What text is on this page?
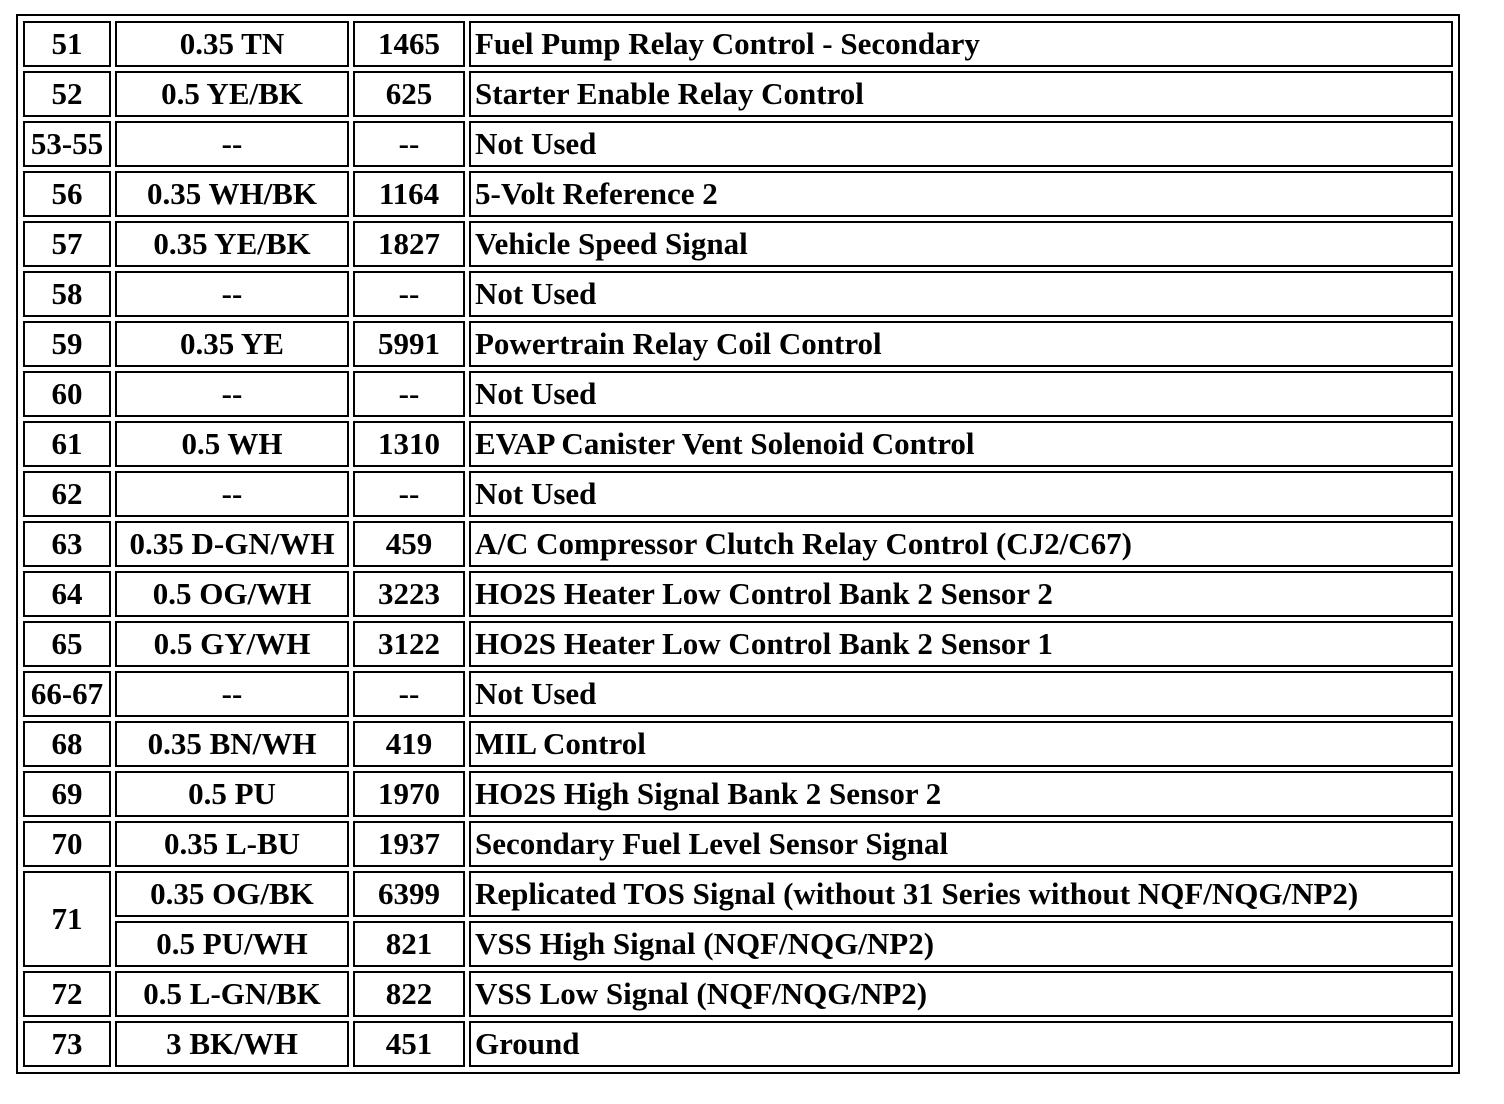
51	0.35 TN	1465	Fuel Pump Relay Control - Secondary
52	0.5 YE/BK	625	Starter Enable Relay Control
53-55	--	--	Not Used
56	0.35 WH/BK	1164	5-Volt Reference 2
57	0.35 YE/BK	1827	Vehicle Speed Signal
58	--	--	Not Used
59	0.35 YE	5991	Powertrain Relay Coil Control
60	--	--	Not Used
61	0.5 WH	1310	EVAP Canister Vent Solenoid Control
62	--	--	Not Used
63	0.35 D-GN/WH	459	A/C Compressor Clutch Relay Control (CJ2/C67)
64	0.5 OG/WH	3223	HO2S Heater Low Control Bank 2 Sensor 2
65	0.5 GY/WH	3122	HO2S Heater Low Control Bank 2 Sensor 1
66-67	--	--	Not Used
68	0.35 BN/WH	419	MIL Control
69	0.5 PU	1970	HO2S High Signal Bank 2 Sensor 2
70	0.35 L-BU	1937	Secondary Fuel Level Sensor Signal
71	0.35 OG/BK	6399	Replicated TOS Signal (without 31 Series without NQF/NQG/NP2)
	0.5 PU/WH	821	VSS High Signal (NQF/NQG/NP2)
72	0.5 L-GN/BK	822	VSS Low Signal (NQF/NQG/NP2)
73	3 BK/WH	451	Ground
